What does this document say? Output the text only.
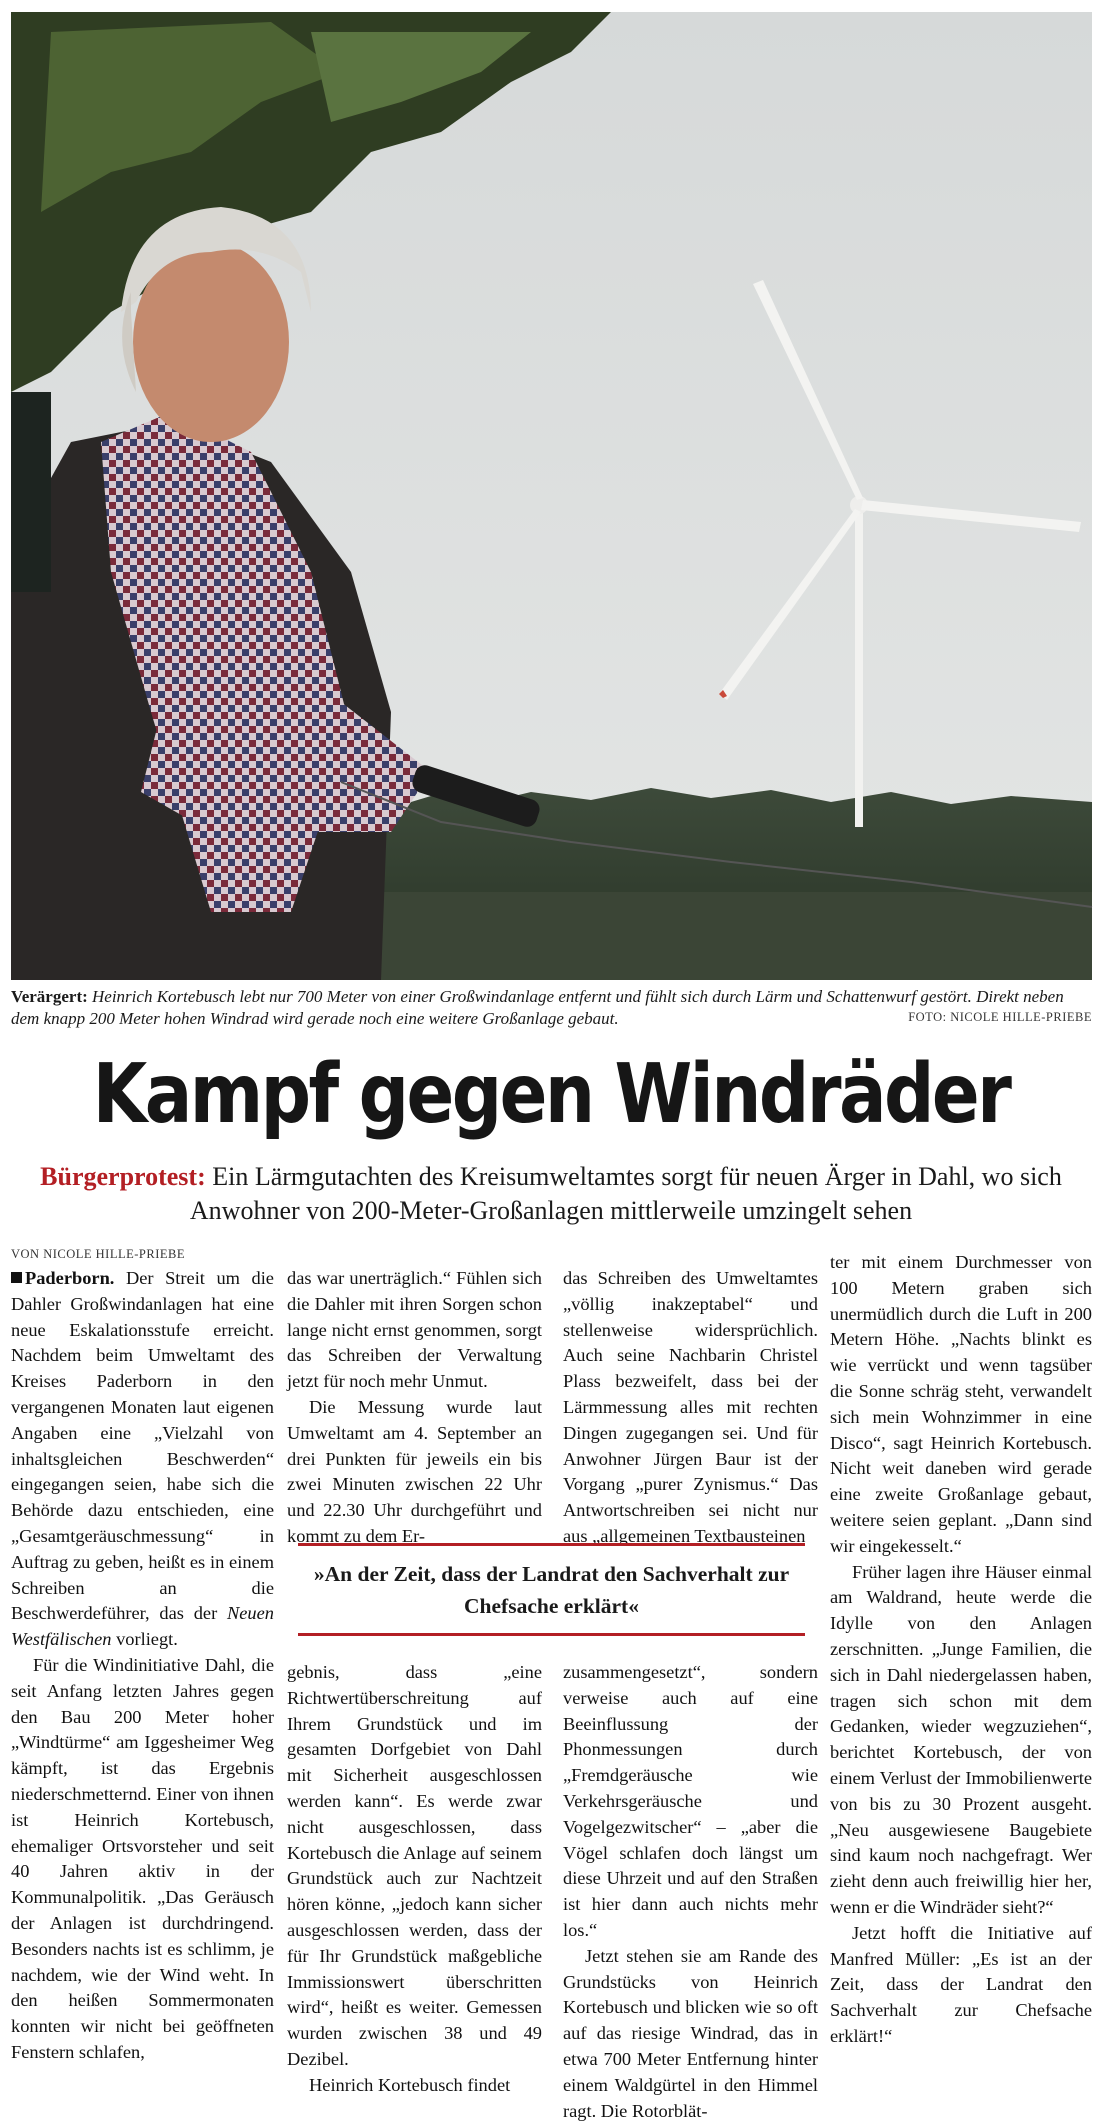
Verärgert: Heinrich Kortebusch lebt nur 700 Meter von einer Großwindanlage entfernt und fühlt sich durch Lärm und Schattenwurf gestört. Direkt neben dem knapp 200 Meter hohen Windrad wird gerade noch eine weitere Großanlage gebaut.	FOTO: NICOLE HILLE-PRIEBE
Kampf gegen Windräder
Bürgerprotest: Ein Lärmgutachten des Kreisumweltamtes sorgt für neuen Ärger in Dahl, wo sich Anwohner von 200-Meter-Großanlagen mittlerweile umzingelt sehen
VON NICOLE HILLE-PRIEBE

Paderborn. Der Streit um die Dahler Großwindanlagen hat eine neue Eskalationsstufe erreicht. Nachdem beim Umweltamt des Kreises Paderborn in den vergangenen Monaten laut eigenen Angaben eine „Vielzahl von inhaltsgleichen Beschwerden“ eingegangen seien, habe sich die Behörde dazu entschieden, eine „Gesamtgeräuschmessung“ in Auftrag zu geben, heißt es in einem Schreiben an die Beschwerdeführer, das der Neuen Westfälischen vorliegt.

Für die Windinitiative Dahl, die seit Anfang letzten Jahres gegen den Bau 200 Meter hoher „Windtürme“ am Iggesheimer Weg kämpft, ist das Ergebnis niederschmetternd. Einer von ihnen ist Heinrich Kortebusch, ehemaliger Ortsvorsteher und seit 40 Jahren aktiv in der Kommunalpolitik. „Das Geräusch der Anlagen ist durchdringend. Besonders nachts ist es schlimm, je nachdem, wie der Wind weht. In den heißen Sommermonaten konnten wir nicht bei geöffneten Fenstern schlafen,

das war unerträglich.“ Fühlen sich die Dahler mit ihren Sorgen schon lange nicht ernst genommen, sorgt das Schreiben der Verwaltung jetzt für noch mehr Unmut.

Die Messung wurde laut Umweltamt am 4. September an drei Punkten für jeweils ein bis zwei Minuten zwischen 22 Uhr und 22.30 Uhr durchgeführt und kommt zu dem Er-

das Schreiben des Umweltamtes „völlig inakzeptabel“ und stellenweise widersprüchlich. Auch seine Nachbarin Christel Plass bezweifelt, dass bei der Lärmmessung alles mit rechten Dingen zugegangen sei. Und für Anwohner Jürgen Baur ist der Vorgang „purer Zynismus.“ Das Antwortschreiben sei nicht nur aus „allgemeinen Textbausteinen

»An der Zeit, dass der Landrat den Sachverhalt zur Chefsache erklärt«

gebnis, dass „eine Richtwertüberschreitung auf Ihrem Grundstück und im gesamten Dorfgebiet von Dahl mit Sicherheit ausgeschlossen werden kann“. Es werde zwar nicht ausgeschlossen, dass Kortebusch die Anlage auf seinem Grundstück auch zur Nachtzeit hören könne, „jedoch kann sicher ausgeschlossen werden, dass der für Ihr Grundstück maßgebliche Immissionswert überschritten wird“, heißt es weiter. Gemessen wurden zwischen 38 und 49 Dezibel.

Heinrich Kortebusch findet

zusammengesetzt“, sondern verweise auch auf eine Beeinflussung der Phonmessungen durch „Fremdgeräusche wie Verkehrsgeräusche und Vogelgezwitscher“ – „aber die Vögel schlafen doch längst um diese Uhrzeit und auf den Straßen ist hier dann auch nichts mehr los.“

Jetzt stehen sie am Rande des Grundstücks von Heinrich Kortebusch und blicken wie so oft auf das riesige Windrad, das in etwa 700 Meter Entfernung hinter einem Waldgürtel in den Himmel ragt. Die Rotorblät-

ter mit einem Durchmesser von 100 Metern graben sich unermüdlich durch die Luft in 200 Metern Höhe. „Nachts blinkt es wie verrückt und wenn tagsüber die Sonne schräg steht, verwandelt sich mein Wohnzimmer in eine Disco“, sagt Heinrich Kortebusch. Nicht weit daneben wird gerade eine zweite Großanlage gebaut, weitere seien geplant. „Dann sind wir eingekesselt.“

Früher lagen ihre Häuser einmal am Waldrand, heute werde die Idylle von den Anlagen zerschnitten. „Junge Familien, die sich in Dahl niedergelassen haben, tragen sich schon mit dem Gedanken, wieder wegzuziehen“, berichtet Kortebusch, der von einem Verlust der Immobilienwerte von bis zu 30 Prozent ausgeht. „Neu ausgewiesene Baugebiete sind kaum noch nachgefragt. Wer zieht denn auch freiwillig hier her, wenn er die Windräder sieht?“

Jetzt hofft die Initiative auf Manfred Müller: „Es ist an der Zeit, dass der Landrat den Sachverhalt zur Chefsache erklärt!“
